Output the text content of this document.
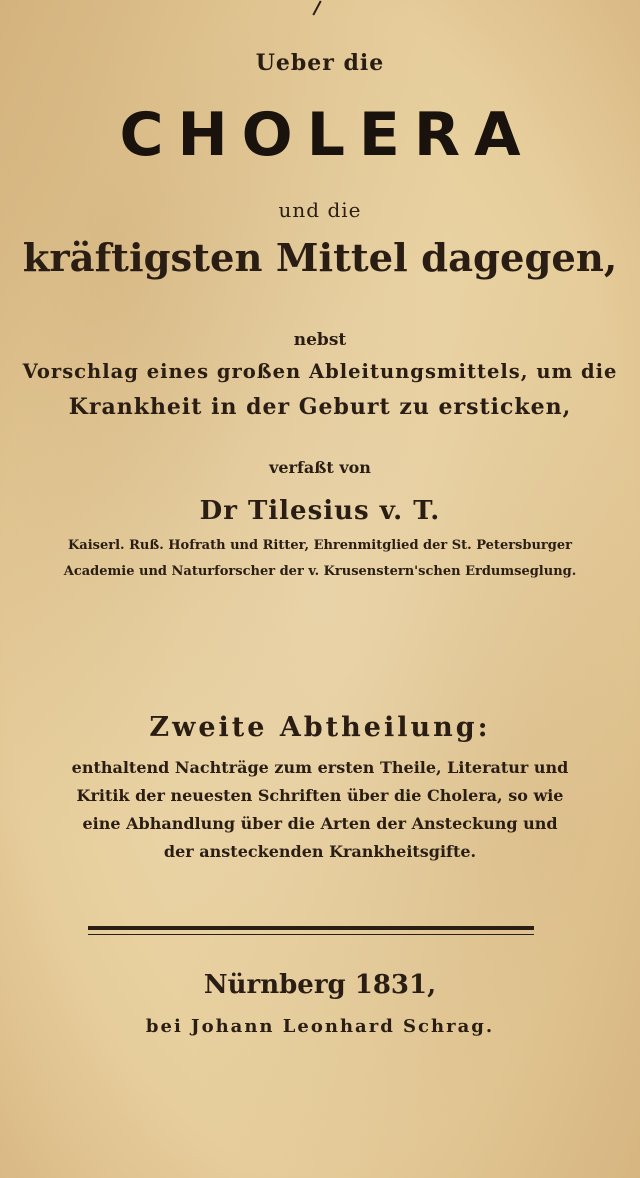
Ueber die
CHOLERA
und die
kräftigsten Mittel dagegen,
nebst
Vorschlag eines großen Ableitungsmittels, um die
Krankheit in der Geburt zu ersticken,
verfaßt von
Dr Tilesius v. T.
Kaiserl. Ruß. Hofrath und Ritter, Ehrenmitglied der St. Petersburger
Academie und Naturforscher der v. Krusenstern'schen Erdumseglung.
Zweite Abtheilung:
enthaltend Nachträge zum ersten Theile, Literatur und
Kritik der neuesten Schriften über die Cholera, so wie
eine Abhandlung über die Arten der Ansteckung und
der ansteckenden Krankheitsgifte.
Nürnberg 1831,
bei Johann Leonhard Schrag.
